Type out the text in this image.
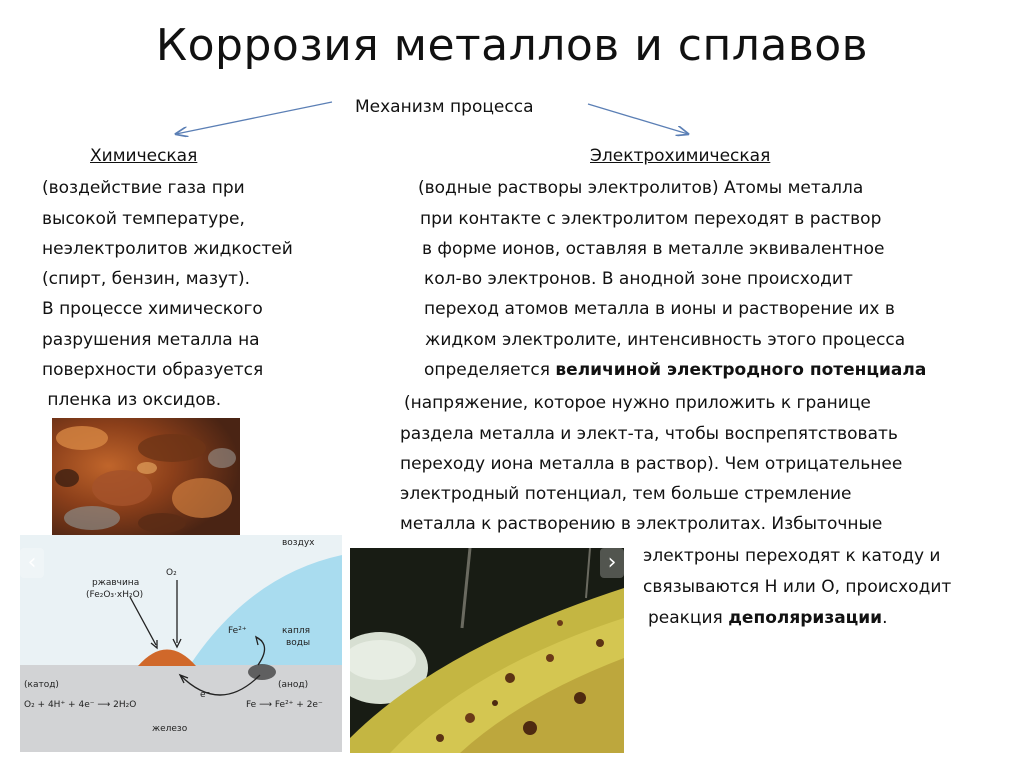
Коррозия металлов и сплавов
Механизм процесса
Химическая
(воздействие газа при
высокой температуре,
неэлектролитов жидкостей
(спирт, бензин, мазут).
В процессе химического
разрушения металла на
поверхности образуется
пленка из оксидов.
Электрохимическая
(водные растворы электролитов) Атомы металла
при контакте с электролитом переходят в раствор
в форме ионов, оставляя в металле эквивалентное
кол-во электронов. В анодной зоне происходит
переход атомов металла в ионы и растворение их в
жидком электролите, интенсивность этого процесса
определяется величиной электродного потенциала
(напряжение, которое нужно приложить к границе
раздела металла и элект-та, чтобы воспрепятствовать
переходу иона металла в раствор). Чем отрицательнее
электродный потенциал, тем больше стремление
металла к растворению в электролитах. Избыточные
электроны переходят к катоду и
связываются Н или О, происходит
реакция деполяризации.
воздух
капля
воды
ржавчина
(Fe₂O₃·xH₂O)
O₂
Fe²⁺
e⁻
(катод)	(анод)
O₂ + 4H⁺ + 4e⁻ ⟶ 2H₂O	Fe ⟶ Fe²⁺ + 2e⁻
железо
‹	›
